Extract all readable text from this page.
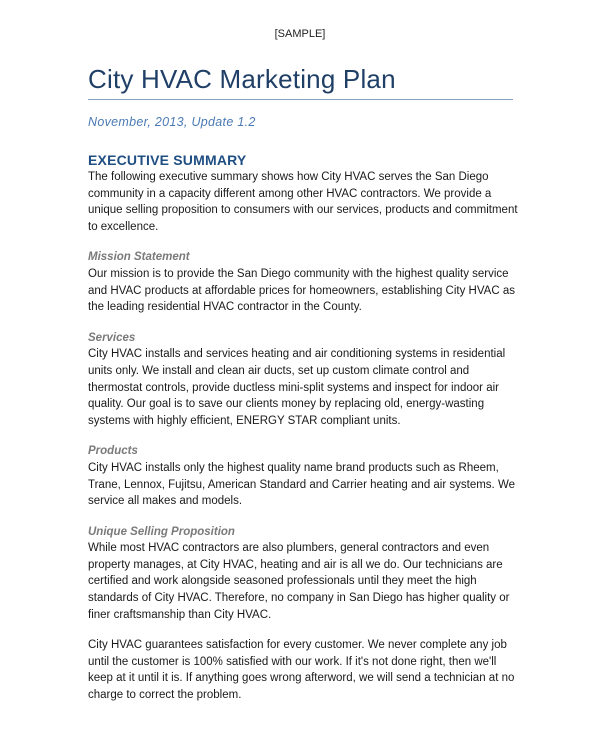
[SAMPLE]
City HVAC Marketing Plan
November, 2013, Update 1.2
EXECUTIVE SUMMARY

The following executive summary shows how City HVAC serves the San Diego community in a capacity different among other HVAC contractors. We provide a unique selling proposition to consumers with our services, products and commitment to excellence.

Mission Statement

Our mission is to provide the San Diego community with the highest quality service and HVAC products at affordable prices for homeowners, establishing City HVAC as the leading residential HVAC contractor in the County.

Services

City HVAC installs and services heating and air conditioning systems in residential units only. We install and clean air ducts, set up custom climate control and thermostat controls, provide ductless mini-split systems and inspect for indoor air quality. Our goal is to save our clients money by replacing old, energy-wasting systems with highly efficient, ENERGY STAR compliant units.

Products

City HVAC installs only the highest quality name brand products such as Rheem, Trane, Lennox, Fujitsu, American Standard and Carrier heating and air systems. We service all makes and models.

Unique Selling Proposition

While most HVAC contractors are also plumbers, general contractors and even property manages, at City HVAC, heating and air is all we do. Our technicians are certified and work alongside seasoned professionals until they meet the high standards of City HVAC. Therefore, no company in San Diego has higher quality or finer craftsmanship than City HVAC.

City HVAC guarantees satisfaction for every customer. We never complete any job until the customer is 100% satisfied with our work. If it's not done right, then we'll keep at it until it is. If anything goes wrong afterword, we will send a technician at no charge to correct the problem.
